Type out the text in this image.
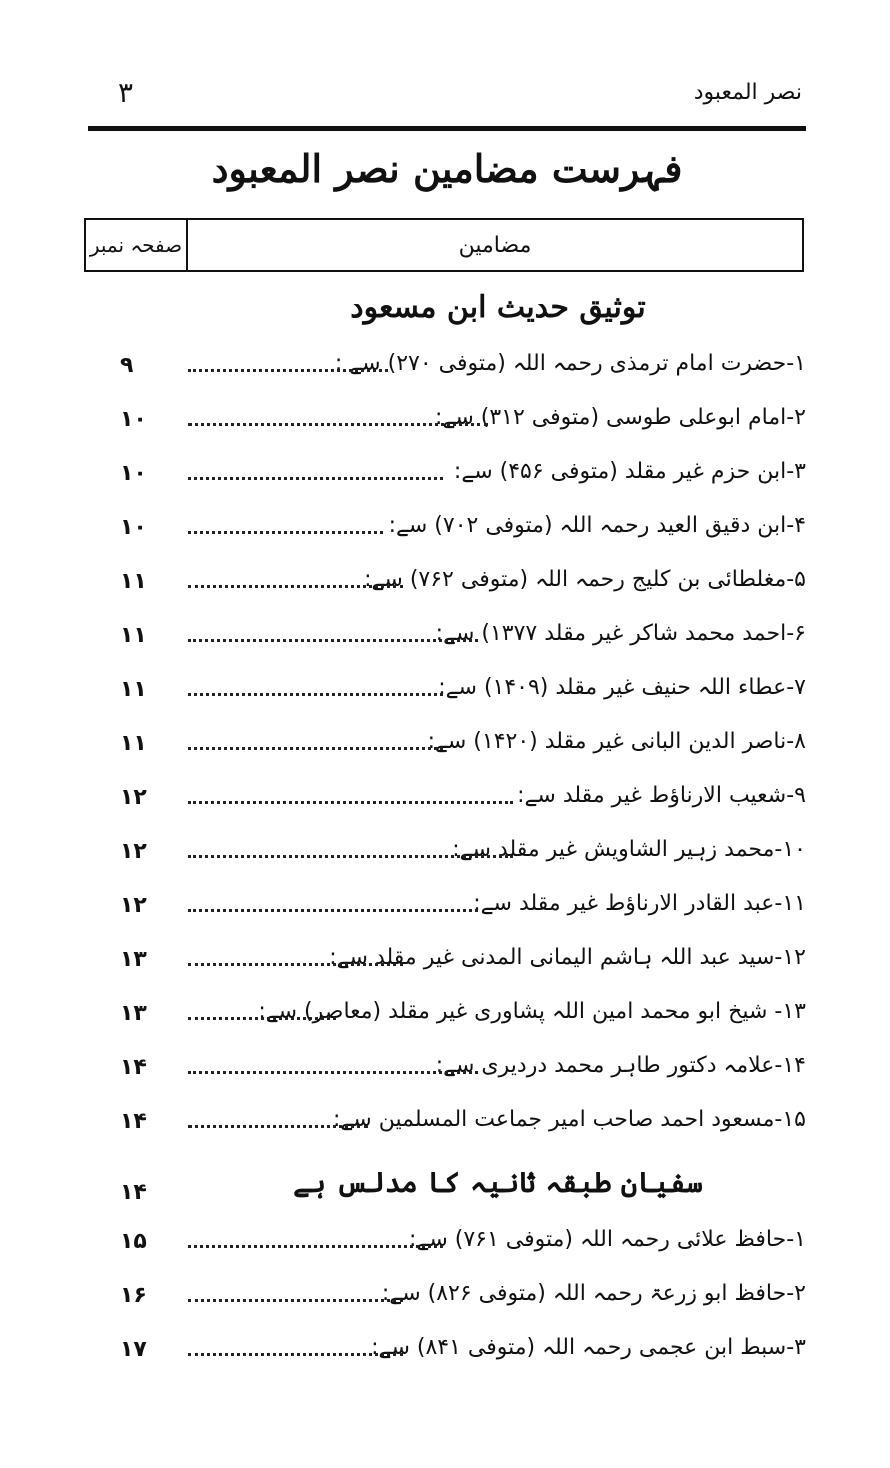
نصر المعبود
۳
فہرست مضامین نصر المعبود
صفحہ نمبر	مضامین
توثیق حدیث ابن مسعود
۱-حضرت امام ترمذی رحمہ اللہ (متوفی ۲۷۰) سے :
۹
۲-امام ابوعلی طوسی (متوفی ۳۱۲) سے:
۱۰
۳-ابن حزم غیر مقلد (متوفی ۴۵۶) سے:
۱۰
۴-ابن دقیق العید رحمہ اللہ (متوفی ۷۰۲) سے:
۱۰
۵-مغلطائی بن کلیج رحمہ اللہ (متوفی ۷۶۲) سے:
۱۱
۶-احمد محمد شاکر غیر مقلد ۱۳۷۷) سے:
۱۱
۷-عطاء اللہ حنیف غیر مقلد (۱۴۰۹) سے:
۱۱
۸-ناصر الدین البانی غیر مقلد (۱۴۲۰) سے:
۱۱
۹-شعیب الارناؤط غیر مقلد سے:
۱۲
۱۰-محمد زہیر الشاویش غیر مقلد سے:
۱۲
۱۱-عبد القادر الارناؤط غیر مقلد سے:
۱۲
۱۲-سید عبد اللہ ہاشم الیمانی المدنی غیر مقلد سے:
۱۳
۱۳- شیخ ابو محمد امین اللہ پشاوری غیر مقلد (معاصر) سے:
۱۳
۱۴-علامہ دکتور طاہر محمد دردیری سے:
۱۴
۱۵-مسعود احمد صاحب امیر جماعت المسلمین سے:
۱۴
۱-حافظ علائی رحمہ اللہ (متوفی ۷۶۱) سے:
۱۵
۲-حافظ ابو زرعۃ رحمہ اللہ (متوفی ۸۲۶) سے:
۱۶
۳-سبط ابن عجمی رحمہ اللہ (متوفی ۸۴۱) سے:
۱۷
سفیان طبقہ ثانیہ کا مدلس ہے
۱۴
